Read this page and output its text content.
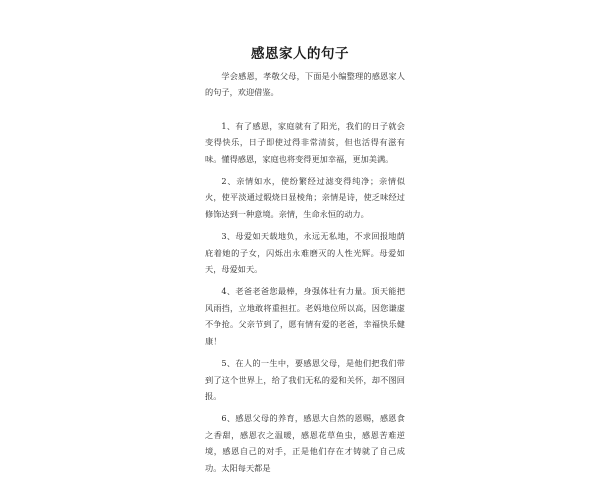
感恩家人的句子

学会感恩，孝敬父母，下面是小编整理的感恩家人的句子，欢迎借鉴。

1、有了感恩，家庭就有了阳光，我们的日子就会变得快乐，日子即使过得非常清贫，但也活得有滋有味。懂得感恩，家庭也将变得更加幸福，更加美满。

2、亲情如水，使纷繁经过滤变得纯净；亲情似火，使平淡通过煅烧日显棱角；亲情是诗，使乏味经过修饰达到一种意境。亲情，生命永恒的动力。

3、母爱如天载地负，永远无私地，不求回报地荫庇着她的子女，闪烁出永难磨灭的人性光辉。母爱如天，母爱如天。

4、老爸老爸您最棒，身强体壮有力量。顶天能把风雨挡，立地敢将重担扛。老妈地位所以高，因您谦虚不争抢。父亲节到了，愿有情有爱的老爸，幸福快乐健康！

5、在人的一生中，要感恩父母，是他们把我们带到了这个世界上，给了我们无私的爱和关怀，却不图回报。

6、感恩父母的养育，感恩大自然的恩赐，感恩食之香甜，感恩衣之温暖，感恩花草鱼虫，感恩苦难逆境，感恩自己的对手，正是他们存在才铸就了自己成功。太阳每天都是
